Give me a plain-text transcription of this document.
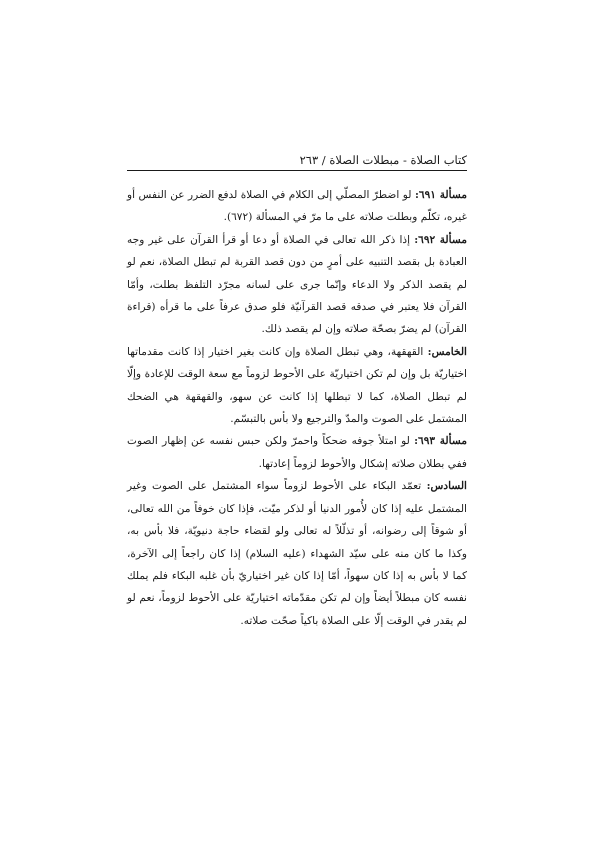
كتاب الصلاة - مبطلات الصلاة / ٢٦٣

مسألة ٦٩١: لو اضطرّ المصلّي إلى الكلام في الصلاة لدفع الضرر عن النفس أو غيره، تكلّم وبطلت صلاته على ما مرّ في المسألة (٦٧٢).

مسألة ٦٩٢: إذا ذكر الله تعالى في الصلاة أو دعا أو قرأ القرآن على غير وجه العبادة بل بقصد التنبيه على أمرٍ من دون قصد القربة لم تبطل الصلاة، نعم لو لم يقصد الذكر ولا الدعاء وإنّما جرى على لسانه مجرّد التلفظ بطلت، وأمّا القرآن فلا يعتبر في صدقه قصد القرآنيّة فلو صدق عرفاً على ما قرأه (قراءة القرآن) لم يضرّ بصحّة صلاته وإن لم يقصد ذلك.

الخامس: القهقهة، وهي تبطل الصلاة وإن كانت بغير اختيار إذا كانت مقدماتها اختياريّة بل وإن لم تكن اختياريّة على الأحوط لزوماً مع سعة الوقت للإعادة وإلّا لم تبطل الصلاة، كما لا تبطلها إذا كانت عن سهو، والقهقهة هي الضحك المشتمل على الصوت والمدّ والترجيع ولا بأس بالتبسّم.

مسألة ٦٩٣: لو امتلأ جوفه ضحكاً واحمرّ ولكن حبس نفسه عن إظهار الصوت ففي بطلان صلاته إشكال والأحوط لزوماً إعادتها.

السادس: تعمّد البكاء على الأحوط لزوماً سواء المشتمل على الصوت وغير المشتمل عليه إذا كان لأُمور الدنيا أو لذكر ميّت، فإذا كان خوفاً من الله تعالى، أو شوقاً إلى رضوانه، أو تذلّلاً له تعالى ولو لقضاء حاجة دنيويّة، فلا بأس به، وكذا ما كان منه على سيّد الشهداء (عليه السلام) إذا كان راجعاً إلى الآخرة، كما لا بأس به إذا كان سهواً، أمّا إذا كان غير اختياريّ بأن غلبه البكاء فلم يملك نفسه كان مبطلاً أيضاً وإن لم تكن مقدّماته اختياريّة على الأحوط لزوماً، نعم لو لم يقدر في الوقت إلّا على الصلاة باكياً صحّت صلاته.
